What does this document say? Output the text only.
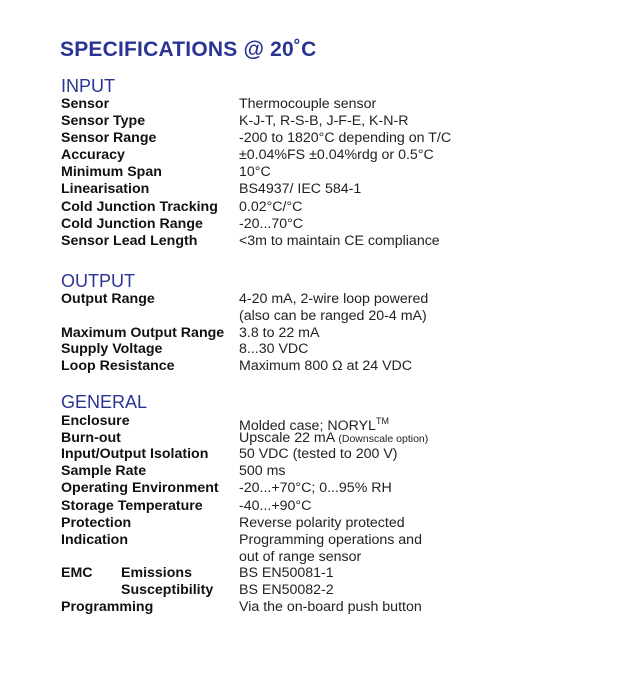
SPECIFICATIONS @ 20˚C
INPUT
Sensor	Thermocouple sensor
Sensor Type	K-J-T, R-S-B, J-F-E, K-N-R
Sensor Range	-200 to 1820°C depending on T/C
Accuracy	±0.04%FS ±0.04%rdg or 0.5°C
Minimum Span	10°C
Linearisation	BS4937/ IEC 584-1
Cold Junction Tracking 0.02°C/°C
Cold Junction Range	-20...70°C
Sensor Lead Length	<3m to maintain CE compliance
OUTPUT
Output Range	4-20 mA, 2-wire loop powered
(also can be ranged 20-4 mA)
Maximum Output Range 3.8 to 22 mA
Supply Voltage	8...30 VDC
Loop Resistance	Maximum 800 Ω at 24 VDC
GENERAL
Enclosure	Molded case; NORYL™
Burn-out	Upscale 22 mA (Downscale option)
Input/Output Isolation 50 VDC (tested to 200 V)
Sample Rate	500 ms
Operating Environment -20...+70°C; 0...95% RH
Storage Temperature	-40...+90°C
Protection	Reverse polarity protected
Indication	Programming operations and
out of range sensor
EMC Emissions	BS EN50081-1
Susceptibility BS EN50082-2
Programming	Via the on-board push button
